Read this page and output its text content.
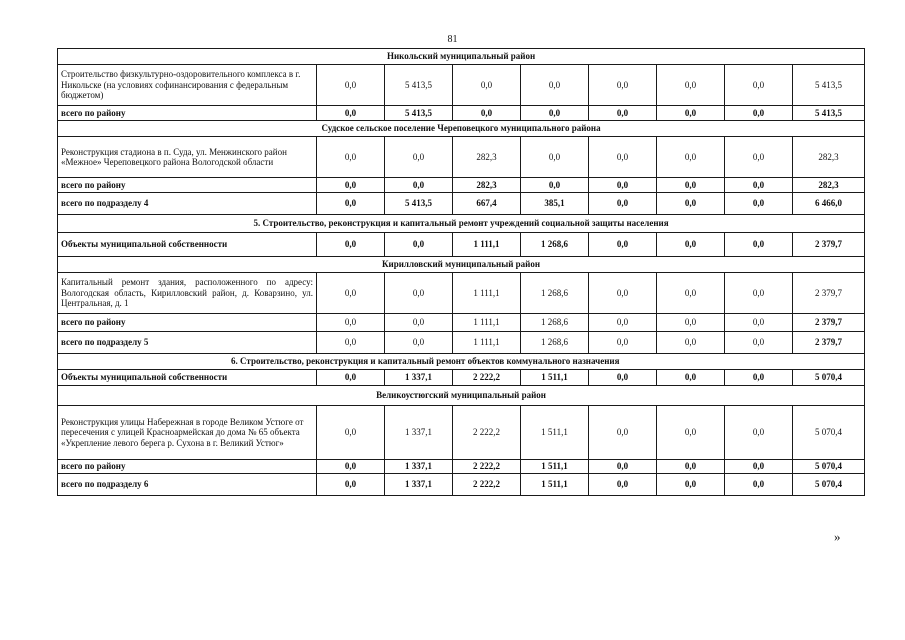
81
Никольский муниципальный район								
Строительство физкультурно-оздоровительного комплекса в г. Никольске (на условиях софинансирования с федеральным бюджетом)	0,0	5 413,5	0,0	0,0	0,0	0,0	0,0	5 413,5
всего по району	0,0	5 413,5	0,0	0,0	0,0	0,0	0,0	5 413,5
Судское сельское поселение Череповецкого муниципального района								
Реконструкция стадиона в п. Суда, ул. Менжинского район «Межное» Череповецкого района Вологодской области	0,0	0,0	282,3	0,0	0,0	0,0	0,0	282,3
всего по району	0,0	0,0	282,3	0,0	0,0	0,0	0,0	282,3
всего по подразделу 4	0,0	5 413,5	667,4	385,1	0,0	0,0	0,0	6 466,0
5. Строительство, реконструкция и капитальный ремонт учреждений социальной защиты населения								
Объекты муниципальной собственности	0,0	0,0	1 111,1	1 268,6	0,0	0,0	0,0	2 379,7
Кирилловский муниципальный район								
Капитальный ремонт здания, расположенного по адресу: Вологодская область, Кирилловский район, д. Коварзино, ул. Центральная, д. 1	0,0	0,0	1 111,1	1 268,6	0,0	0,0	0,0	2 379,7
всего по району	0,0	0,0	1 111,1	1 268,6	0,0	0,0	0,0	2 379,7
всего по подразделу 5	0,0	0,0	1 111,1	1 268,6	0,0	0,0	0,0	2 379,7
6. Строительство, реконструкция и капитальный ремонт объектов коммунального назначения								
Объекты муниципальной собственности	0,0	1 337,1	2 222,2	1 511,1	0,0	0,0	0,0	5 070,4
Великоустюгский муниципальный район								
Реконструкция улицы Набережная в городе Великом Устюге от пересечения с улицей Красноармейская до дома № 65 объекта «Укрепление левого берега р. Сухона в г. Великий Устюг»	0,0	1 337,1	2 222,2	1 511,1	0,0	0,0	0,0	5 070,4
всего по району	0,0	1 337,1	2 222,2	1 511,1	0,0	0,0	0,0	5 070,4
всего по подразделу 6	0,0	1 337,1	2 222,2	1 511,1	0,0	0,0	0,0	5 070,4
»
